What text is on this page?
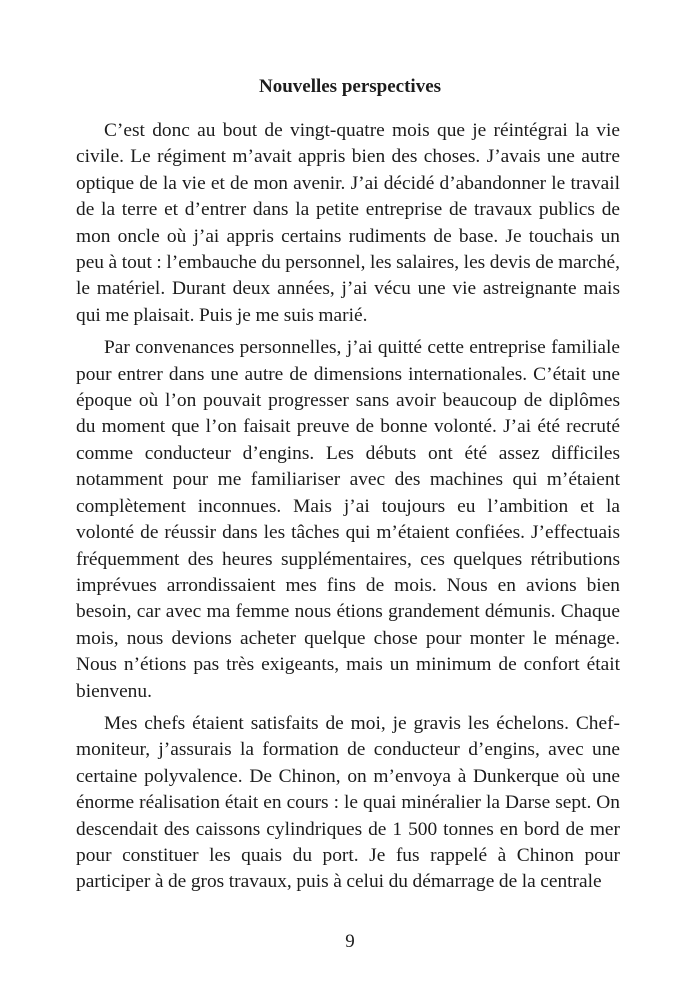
Nouvelles perspectives

C’est donc au bout de vingt-quatre mois que je réintégrai la vie civile. Le régiment m’avait appris bien des choses. J’avais une autre optique de la vie et de mon avenir. J’ai décidé d’abandonner le travail de la terre et d’entrer dans la petite entreprise de travaux publics de mon oncle où j’ai appris certains rudiments de base. Je touchais un peu à tout : l’embauche du personnel, les salaires, les devis de marché, le matériel. Durant deux années, j’ai vécu une vie astreignante mais qui me plaisait. Puis je me suis marié.

Par convenances personnelles, j’ai quitté cette entreprise familiale pour entrer dans une autre de dimensions internationales. C’était une époque où l’on pouvait progresser sans avoir beaucoup de diplômes du moment que l’on faisait preuve de bonne volonté. J’ai été recruté comme conducteur d’engins. Les débuts ont été assez difficiles notamment pour me familiariser avec des machines qui m’étaient complètement inconnues. Mais j’ai toujours eu l’ambition et la volonté de réussir dans les tâches qui m’étaient confiées. J’effectuais fréquemment des heures supplémentaires, ces quelques rétributions imprévues arrondissaient mes fins de mois. Nous en avions bien besoin, car avec ma femme nous étions grandement démunis. Chaque mois, nous devions acheter quelque chose pour monter le ménage. Nous n’étions pas très exigeants, mais un minimum de confort était bienvenu.

Mes chefs étaient satisfaits de moi, je gravis les échelons. Chef-moniteur, j’assurais la formation de conducteur d’engins, avec une certaine polyvalence. De Chinon, on m’envoya à Dunkerque où une énorme réalisation était en cours : le quai minéralier la Darse sept. On descendait des caissons cylindriques de 1 500 tonnes en bord de mer pour constituer les quais du port. Je fus rappelé à Chinon pour participer à de gros travaux, puis à celui du démarrage de la centrale

9
